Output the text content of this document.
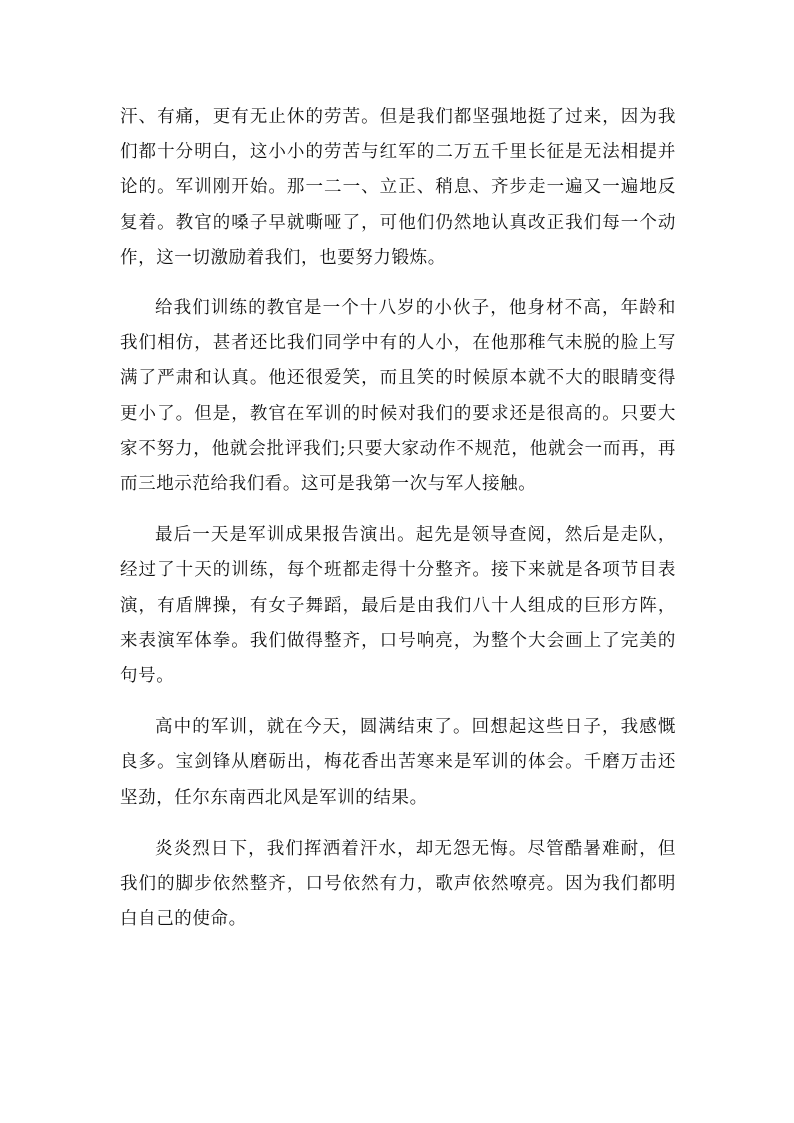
汗、有痛，更有无止休的劳苦。但是我们都坚强地挺了过来，因为我们都十分明白，这小小的劳苦与红军的二万五千里长征是无法相提并论的。军训刚开始。那一二一、立正、稍息、齐步走一遍又一遍地反复着。教官的嗓子早就嘶哑了，可他们仍然地认真改正我们每一个动作，这一切激励着我们，也要努力锻炼。

给我们训练的教官是一个十八岁的小伙子，他身材不高，年龄和我们相仿，甚者还比我们同学中有的人小，在他那稚气未脱的脸上写满了严肃和认真。他还很爱笑，而且笑的时候原本就不大的眼睛变得更小了。但是，教官在军训的时候对我们的要求还是很高的。只要大家不努力，他就会批评我们;只要大家动作不规范，他就会一而再，再而三地示范给我们看。这可是我第一次与军人接触。

最后一天是军训成果报告演出。起先是领导查阅，然后是走队，经过了十天的训练，每个班都走得十分整齐。接下来就是各项节目表演，有盾牌操，有女子舞蹈，最后是由我们八十人组成的巨形方阵，来表演军体拳。我们做得整齐，口号响亮，为整个大会画上了完美的句号。

高中的军训，就在今天，圆满结束了。回想起这些日子，我感慨良多。宝剑锋从磨砺出，梅花香出苦寒来是军训的体会。千磨万击还坚劲，任尔东南西北风是军训的结果。

炎炎烈日下，我们挥洒着汗水，却无怨无悔。尽管酷暑难耐，但我们的脚步依然整齐，口号依然有力，歌声依然嘹亮。因为我们都明白自己的使命。
